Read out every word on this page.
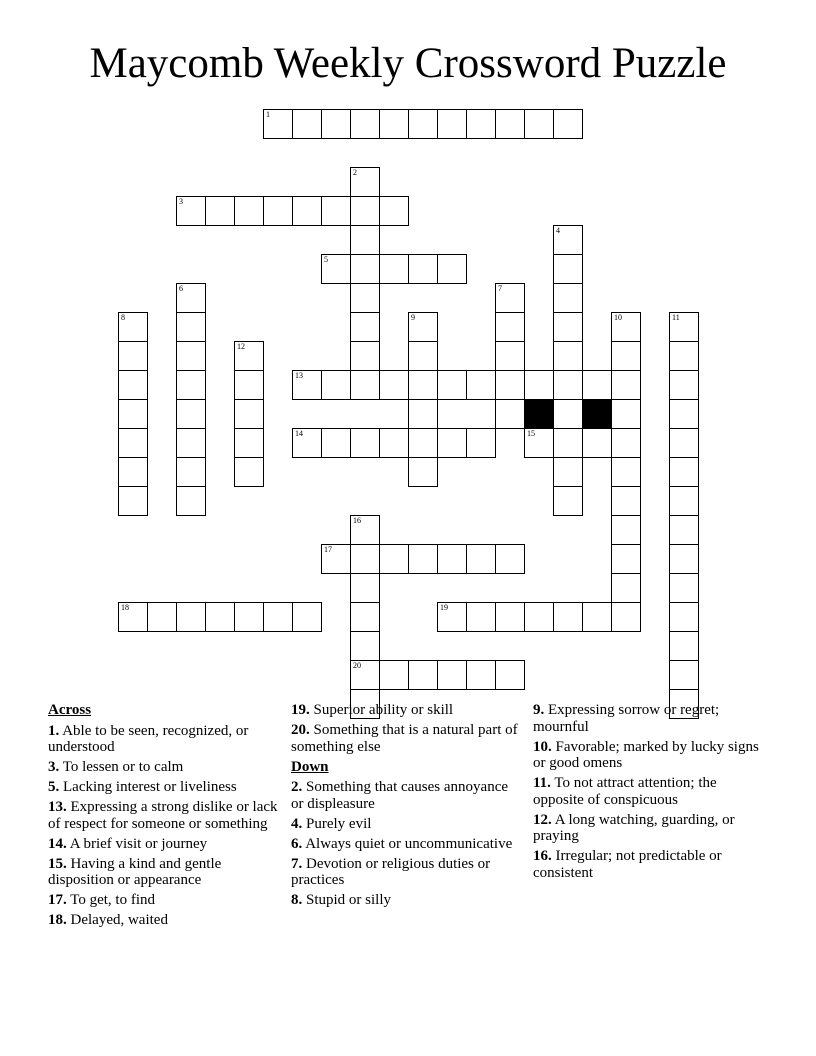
Maycomb Weekly Crossword Puzzle
1
2
3
4
5
6	7
8	9	10	11
12
13
14	15
16
17
18	19
20
Across
1. Able to be seen, recognized, or understood
3. To lessen or to calm
5. Lacking interest or liveliness
13. Expressing a strong dislike or lack of respect for someone or something
14. A brief visit or journey
15. Having a kind and gentle disposition or appearance
17. To get, to find
18. Delayed, waited
19. Superior ability or skill
20. Something that is a natural part of something else
Down
2. Something that causes annoyance or displeasure
4. Purely evil
6. Always quiet or uncommunicative
7. Devotion or religious duties or practices
8. Stupid or silly
9. Expressing sorrow or regret; mournful
10. Favorable; marked by lucky signs or good omens
11. To not attract attention; the opposite of conspicuous
12. A long watching, guarding, or praying
16. Irregular; not predictable or consistent
